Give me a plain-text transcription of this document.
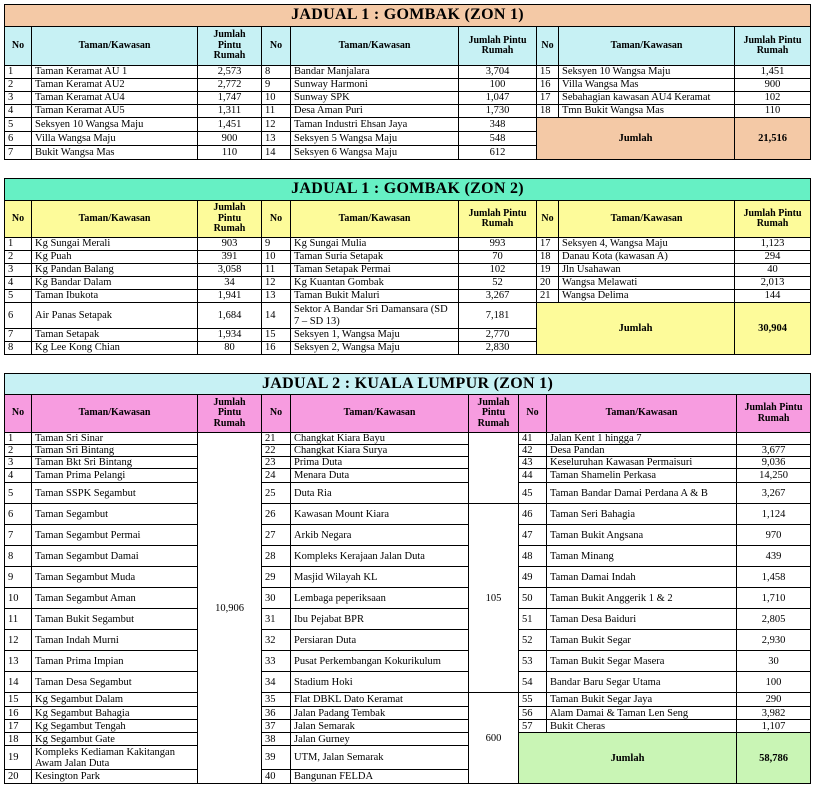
JADUAL 1 : GOMBAK (ZON 1)								
No	Taman/Kawasan	Jumlah Pintu Rumah	No	Taman/Kawasan	Jumlah Pintu Rumah	No	Taman/Kawasan	Jumlah Pintu Rumah
1	Taman Keramat AU 1	2,573	8	Bandar Manjalara	3,704	15	Seksyen 10 Wangsa Maju	1,451
2	Taman Keramat AU2	2,772	9	Sunway Harmoni	100	16	Villa Wangsa Mas	900
3	Taman Keramat AU4	1,747	10	Sunway SPK	1,047	17	Sebahagian kawasan AU4 Keramat	102
4	Taman Keramat AU5	1,311	11	Desa Aman Puri	1,730	18	Tmn Bukit Wangsa Mas	110
5	Seksyen 10 Wangsa Maju	1,451	12	Taman Industri Ehsan Jaya	348	Jumlah		21,516
6	Villa Wangsa Maju	900	13	Seksyen 5 Wangsa Maju	548			
7	Bukit Wangsa Mas	110	14	Seksyen 6 Wangsa Maju	612			
JADUAL 1 : GOMBAK (ZON 2)								
No	Taman/Kawasan	Jumlah Pintu Rumah	No	Taman/Kawasan	Jumlah Pintu Rumah	No	Taman/Kawasan	Jumlah Pintu Rumah
1	Kg Sungai Merali	903	9	Kg Sungai Mulia	993	17	Seksyen 4, Wangsa Maju	1,123
2	Kg Puah	391	10	Taman Suria Setapak	70	18	Danau Kota (kawasan A)	294
3	Kg Pandan Balang	3,058	11	Taman Setapak Permai	102	19	Jln Usahawan	40
4	Kg Bandar Dalam	34	12	Kg Kuantan Gombak	52	20	Wangsa Melawati	2,013
5	Taman Ibukota	1,941	13	Taman Bukit Maluri	3,267	21	Wangsa Delima	144
6	Air Panas Setapak	1,684	14	Sektor A Bandar Sri Damansara (SD 7 – SD 13)	7,181	Jumlah		30,904
7	Taman Setapak	1,934	15	Seksyen 1, Wangsa Maju	2,770			
8	Kg Lee Kong Chian	80	16	Seksyen 2, Wangsa Maju	2,830			
JADUAL 2 : KUALA LUMPUR (ZON 1)								
No	Taman/Kawasan	Jumlah Pintu Rumah	No	Taman/Kawasan	Jumlah Pintu Rumah	No	Taman/Kawasan	Jumlah Pintu Rumah
1	Taman Sri Sinar	10,906	21	Changkat Kiara Bayu		41	Jalan Kent 1 hingga 7	
2	Taman Sri Bintang		22	Changkat Kiara Surya		42	Desa Pandan	3,677
3	Taman Bkt Sri Bintang		23	Prima Duta		43	Keseluruhan Kawasan Permaisuri	9,036
4	Taman Prima Pelangi		24	Menara Duta		44	Taman Shamelin Perkasa	14,250
5	Taman SSPK Segambut		25	Duta Ria		45	Taman Bandar Damai Perdana A & B	3,267
6	Taman Segambut		26	Kawasan Mount Kiara	105	46	Taman Seri Bahagia	1,124
7	Taman Segambut Permai		27	Arkib Negara		47	Taman Bukit Angsana	970
8	Taman Segambut Damai		28	Kompleks Kerajaan Jalan Duta		48	Taman Minang	439
9	Taman Segambut Muda		29	Masjid Wilayah KL		49	Taman Damai Indah	1,458
10	Taman Segambut Aman		30	Lembaga peperiksaan		50	Taman Bukit Anggerik 1 & 2	1,710
11	Taman Bukit Segambut		31	Ibu Pejabat BPR		51	Taman Desa Baiduri	2,805
12	Taman Indah Murni		32	Persiaran Duta		52	Taman Bukit Segar	2,930
13	Taman Prima Impian		33	Pusat Perkembangan Kokurikulum		53	Taman Bukit Segar Masera	30
14	Taman Desa Segambut		34	Stadium Hoki		54	Bandar Baru Segar Utama	100
15	Kg Segambut Dalam		35	Flat DBKL Dato Keramat	600	55	Taman Bukit Segar Jaya	290
16	Kg Segambut Bahagia		36	Jalan Padang Tembak		56	Alam Damai & Taman Len Seng	3,982
17	Kg Segambut Tengah		37	Jalan Semarak		57	Bukit Cheras	1,107
18	Kg Segambut Gate		38	Jalan Gurney		Jumlah		58,786
19	Kompleks Kediaman Kakitangan Awam Jalan Duta		39	UTM, Jalan Semarak				
20	Kesington Park		40	Bangunan FELDA				
